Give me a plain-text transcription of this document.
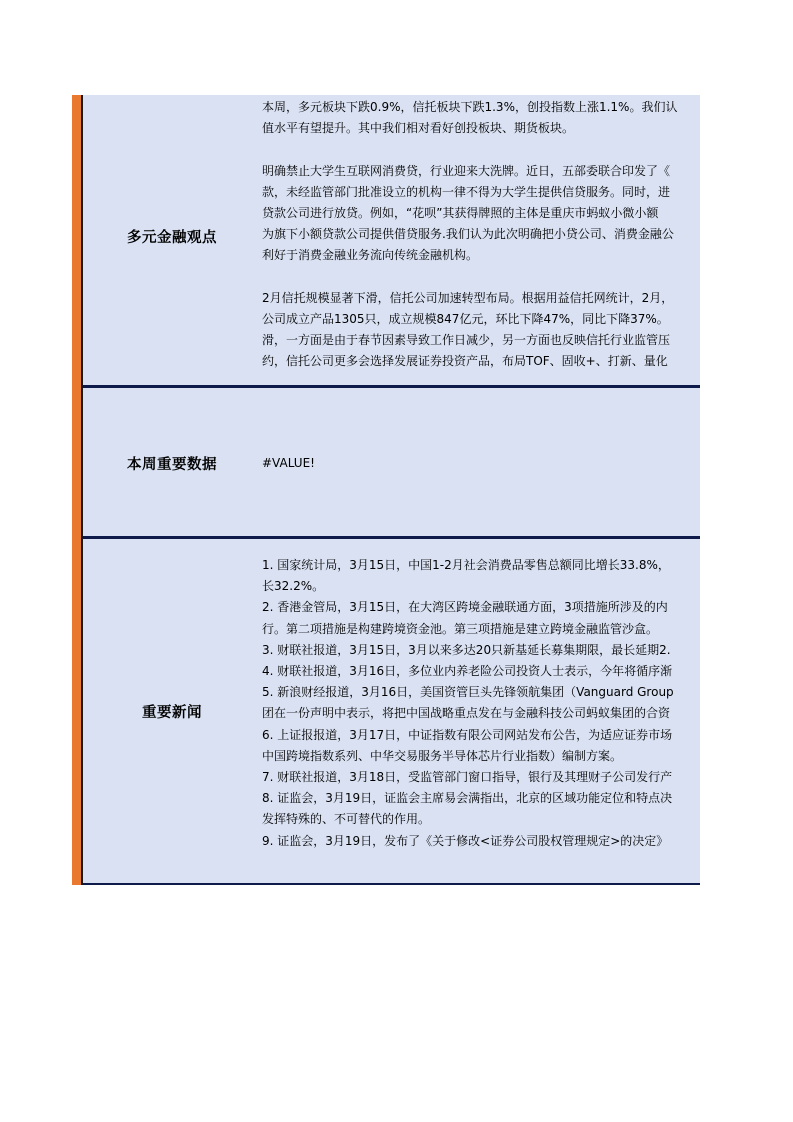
多元金融观点
本周，多元板块下跌0.9%，信托板块下跌1.3%，创投指数上涨1.1%。我们认
值水平有望提升。其中我们相对看好创投板块、期货板块。
明确禁止大学生互联网消费贷，行业迎来大洗牌。近日，五部委联合印发了《
款，未经监管部门批准设立的机构一律不得为大学生提供信贷服务。同时，进
贷款公司进行放贷。例如，“花呗”其获得牌照的主体是重庆市蚂蚁小微小额
为旗下小额贷款公司提供借贷服务.我们认为此次明确把小贷公司、消费金融公
利好于消费金融业务流向传统金融机构。
2月信托规模显著下滑，信托公司加速转型布局。根据用益信托网统计，2月，
公司成立产品1305只，成立规模847亿元，环比下降47%，同比下降37%。
滑，一方面是由于春节因素导致工作日减少，另一方面也反映信托行业监管压
约，信托公司更多会选择发展证券投资产品，布局TOF、固收+、打新、量化
本周重要数据	#VALUE!
重要新闻
1. 国家统计局，3月15日，中国1-2月社会消费品零售总额同比增长33.8%，
长32.2%。
2. 香港金管局，3月15日，在大湾区跨境金融联通方面，3项措施所涉及的内
行。第二项措施是构建跨境资金池。第三项措施是建立跨境金融监管沙盒。
3. 财联社报道，3月15日，3月以来多达20只新基延长募集期限，最长延期2.
4. 财联社报道，3月16日，多位业内养老险公司投资人士表示，今年将循序渐
5. 新浪财经报道，3月16日，美国资管巨头先锋领航集团（Vanguard Group
团在一份声明中表示，将把中国战略重点发在与金融科技公司蚂蚁集团的合资
6. 上证报报道，3月17日，中证指数有限公司网站发布公告，为适应证券市场
中国跨境指数系列、中华交易服务半导体芯片行业指数）编制方案。
7. 财联社报道，3月18日，受监管部门窗口指导，银行及其理财子公司发行产
8. 证监会，3月19日，证监会主席易会满指出，北京的区域功能定位和特点决
发挥特殊的、不可替代的作用。
9. 证监会，3月19日，发布了《关于修改<证券公司股权管理规定>的决定》
